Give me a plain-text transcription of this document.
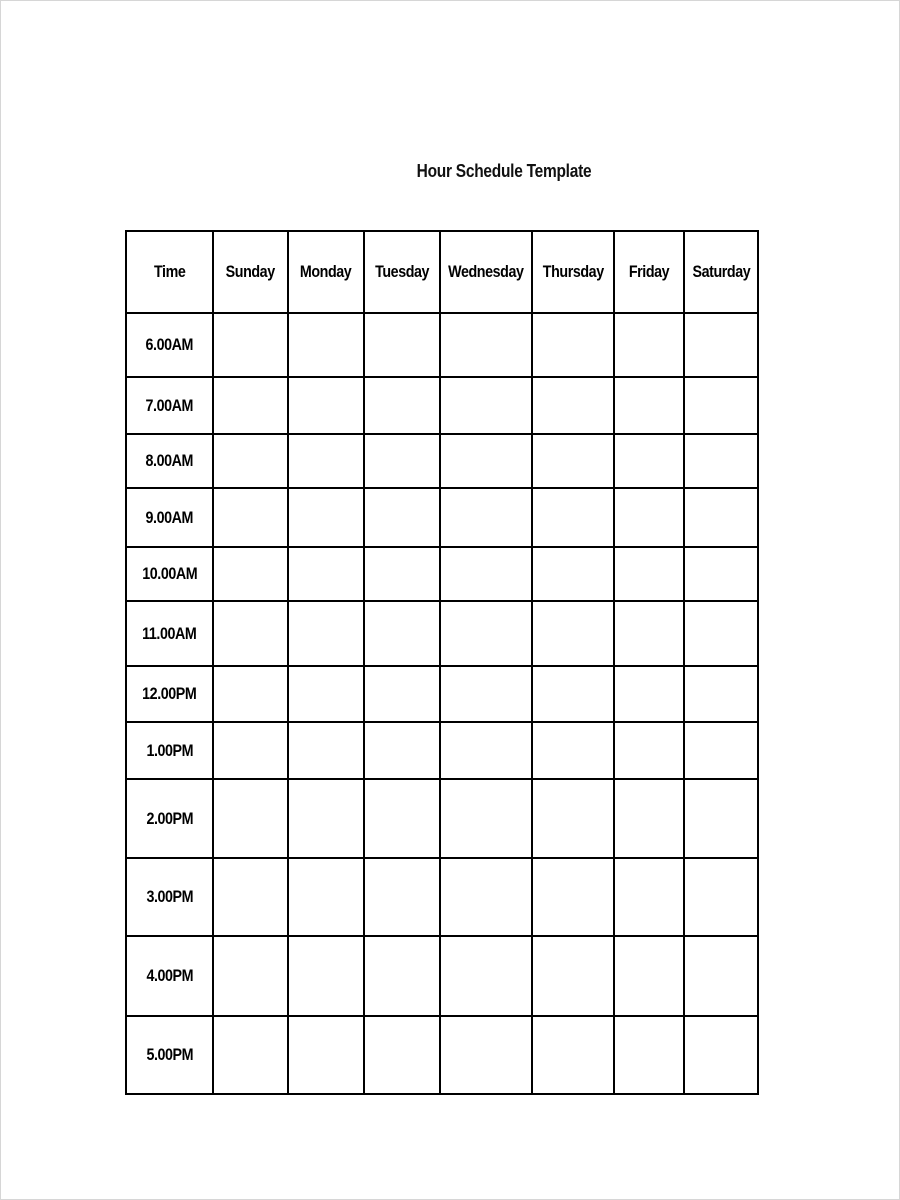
Hour Schedule Template
Time	Sunday	Monday	Tuesday	Wednesday	Thursday	Friday	Saturday
6.00AM							
7.00AM							
8.00AM							
9.00AM							
10.00AM							
11.00AM							
12.00PM							
1.00PM							
2.00PM							
3.00PM							
4.00PM							
5.00PM							
